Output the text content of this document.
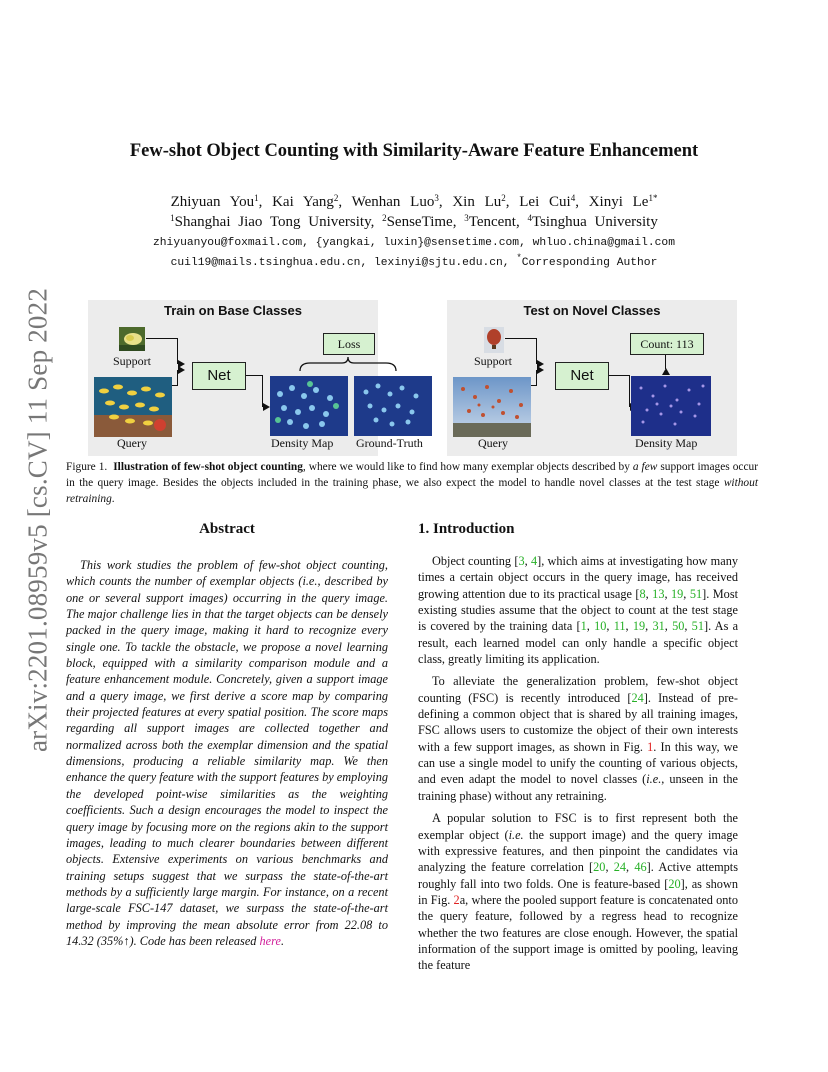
arXiv:2201.08959v5 [cs.CV] 11 Sep 2022
Few-shot Object Counting with Similarity-Aware Feature Enhancement
Zhiyuan You$^1$, Kai Yang$^2$, Wenhan Luo$^3$, Xin Lu$^2$, Lei Cui$^4$, Xinyi $Le^{1*}$
$^1$Shanghai Jiao Tong University, $^2$SenseTime, $^3$Tencent, $^4$Tsinghua University
zhiyuanyou@foxmail.com, {yangkai, luxin}@sensetime.com, whluo.china@gmail.com
cuil19@mails.tsinghua.edu.cn, lexinyi@sjtu.edu.cn, *Corresponding Author
Train on Base Classes
Support
Query
Net
Loss
Density Map Ground-Truth
Test on Novel Classes
Support
Query
Net
Count: 113
Density Map
Figure 1. Illustration of few-shot object counting, where we would like to find how many exemplar objects described by a few support images occur in the query image. Besides the objects included in the training phase, we also expect the model to handle novel classes at the test stage without retraining.
Abstract

This work studies the problem of few-shot object counting, which counts the number of exemplar objects (i.e., described by one or several support images) occurring in the query image. The major challenge lies in that the target objects can be densely packed in the query image, making it hard to recognize every single one. To tackle the obstacle, we propose a novel learning block, equipped with a similarity comparison module and a feature enhancement module. Concretely, given a support image and a query image, we first derive a score map by comparing their projected features at every spatial position. The score maps regarding all support images are collected together and normalized across both the exemplar dimension and the spatial dimensions, producing a reliable similarity map. We then enhance the query feature with the support features by employing the developed point-wise similarities as the weighting coefficients. Such a design encourages the model to inspect the query image by focusing more on the regions akin to the support images, leading to much clearer boundaries between different objects. Extensive experiments on various benchmarks and training setups suggest that we surpass the state-of-the-art methods by a sufficiently large margin. For instance, on a recent large-scale FSC-147 dataset, we surpass the state-of-the-art method by improving the mean absolute error from 22.08 to 14.32 (35%↑). Code has been released here.

1. Introduction

Object counting [3, 4], which aims at investigating how many times a certain object occurs in the query image, has received growing attention due to its practical usage [8, 13, 19, 51]. Most existing studies assume that the object to count at the test stage is covered by the training data [1, 10, 11, 19, 31, 50, 51]. As a result, each learned model can only handle a specific object class, greatly limiting its application.

To alleviate the generalization problem, few-shot object counting (FSC) is recently introduced [24]. Instead of pre-defining a common object that is shared by all training images, FSC allows users to customize the object of their own interests with a few support images, as shown in Fig. 1. In this way, we can use a single model to unify the counting of various objects, and even adapt the model to novel classes (i.e., unseen in the training phase) without any retraining.

A popular solution to FSC is to first represent both the exemplar object (i.e. the support image) and the query image with expressive features, and then pinpoint the candidates via analyzing the feature correlation [20, 24, 46]. Active attempts roughly fall into two folds. One is feature-based [20], as shown in Fig. 2a, where the pooled support feature is concatenated onto the query feature, followed by a regress head to recognize whether the two features are close enough. However, the spatial information of the support image is omitted by pooling, leaving the feature
